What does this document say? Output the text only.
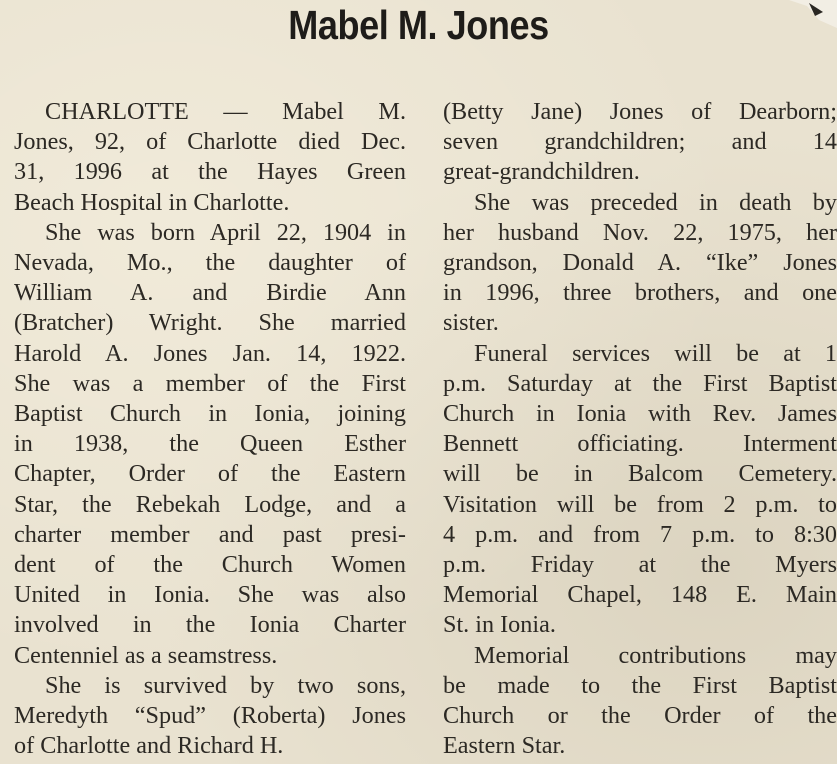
Mabel M. Jones

CHARLOTTE — Mabel M.
Jones, 92, of Charlotte died Dec.
31, 1996 at the Hayes Green
Beach Hospital in Charlotte.

She was born April 22, 1904 in
Nevada, Mo., the daughter of
William A. and Birdie Ann
(Bratcher) Wright. She married
Harold A. Jones Jan. 14, 1922.
She was a member of the First
Baptist Church in Ionia, joining
in 1938, the Queen Esther
Chapter, Order of the Eastern
Star, the Rebekah Lodge, and a
charter member and past presi-
dent of the Church Women
United in Ionia. She was also
involved in the Ionia Charter
Centenniel as a seamstress.

She is survived by two sons,
Meredyth “Spud” (Roberta) Jones
of Charlotte and Richard H.

(Betty Jane) Jones of Dearborn;
seven grandchildren; and 14
great-grandchildren.

She was preceded in death by
her husband Nov. 22, 1975, her
grandson, Donald A. “Ike” Jones
in 1996, three brothers, and one
sister.

Funeral services will be at 1
p.m. Saturday at the First Baptist
Church in Ionia with Rev. James
Bennett officiating. Interment
will be in Balcom Cemetery.
Visitation will be from 2 p.m. to
4 p.m. and from 7 p.m. to 8:30
p.m. Friday at the Myers
Memorial Chapel, 148 E. Main
St. in Ionia.

Memorial contributions may
be made to the First Baptist
Church or the Order of the
Eastern Star.
